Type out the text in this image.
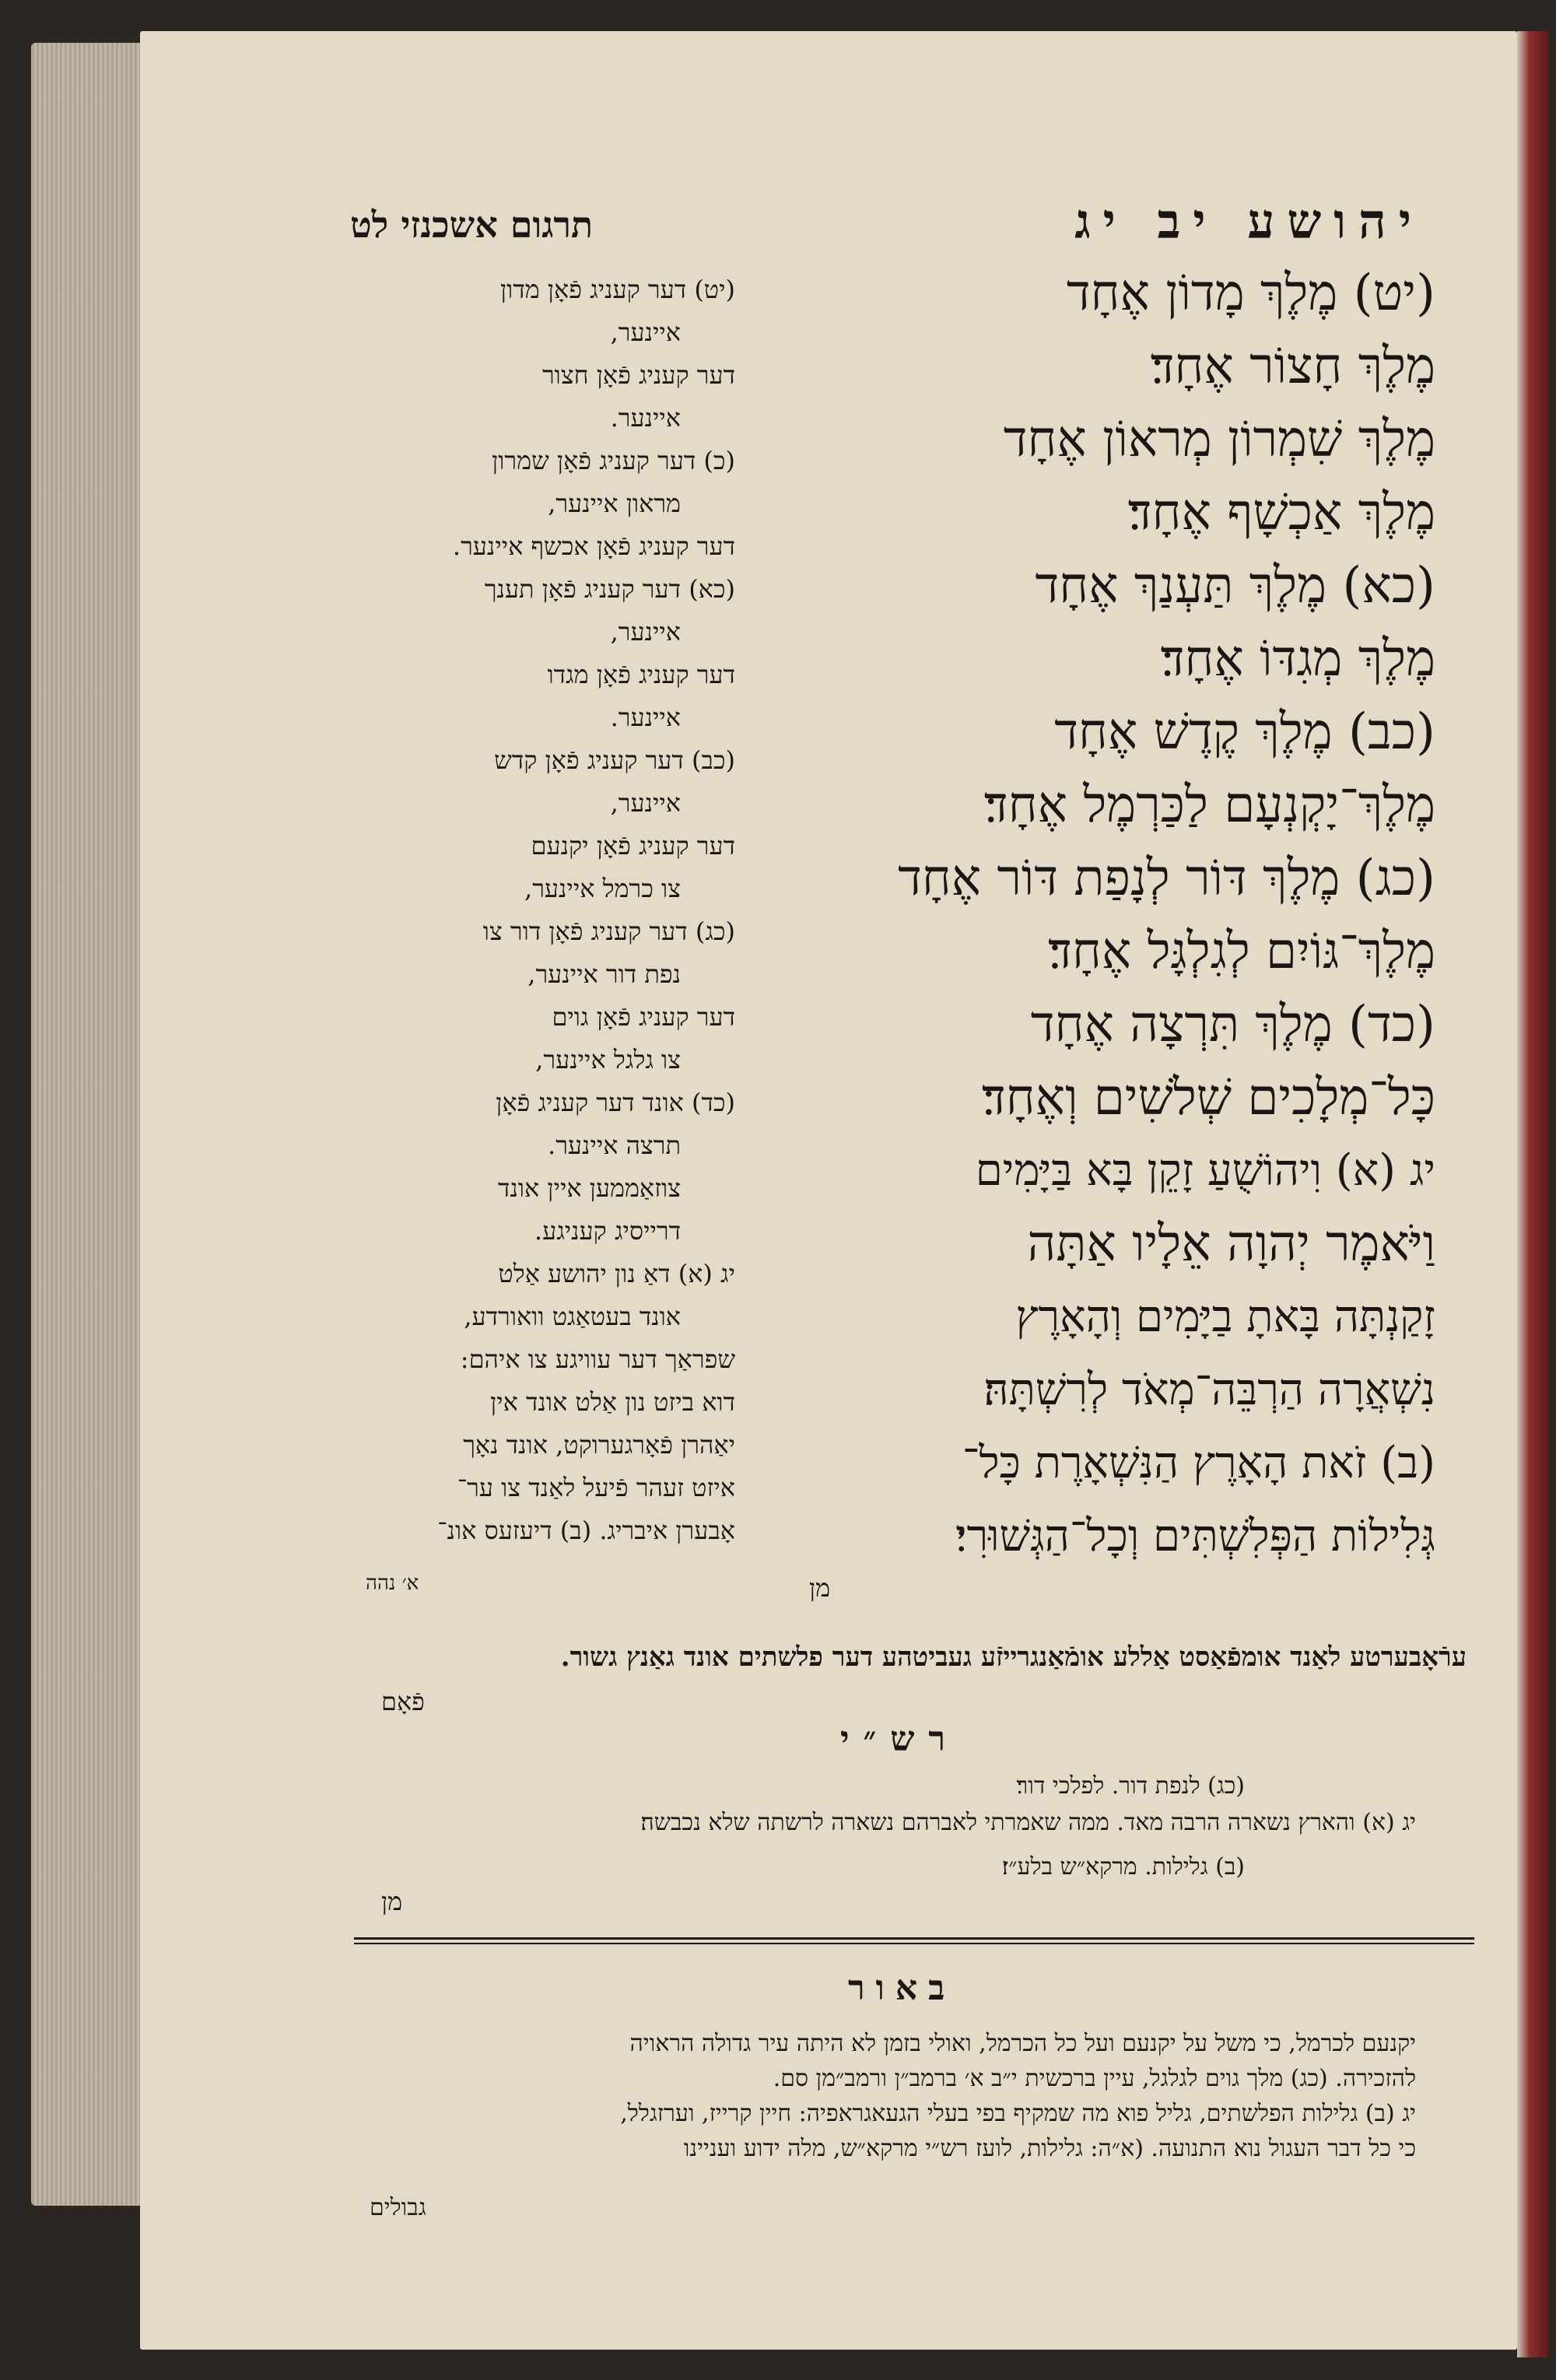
יהושע יב יג
תרגום אשכנזי לט
(יט) מֶלֶךְ מָדוֹן אֶחָד
מֶלֶךְ חָצוֹר אֶחָד׃
מֶלֶךְ שִׁמְרוֹן מְראוֹן אֶחָד
מֶלֶךְ אַכְשָׁף אֶחָד׃
(כא) מֶלֶךְ תַּעְנַךְ אֶחָד
מֶלֶךְ מְגִדּוֹ אֶחָד׃
(כב) מֶלֶךְ קֶדֶשׁ אֶחָד
מֶלֶךְ־יָקְנְעָם לַכַּרְמֶל אֶחָד׃
(כג) מֶלֶךְ דּוֹר לְנָפַת דּוֹר אֶחָד
מֶלֶךְ־גּוֹיִם לְגִלְגָּל אֶחָד׃
(כד) מֶלֶךְ תִּרְצָה אֶחָד
כָּל־מְלָכִים שְׁלֹשִׁים וְאֶחָד׃
יג (א) וִיהוֹשֻׁעַ זָקֵן בָּא בַּיָּמִים
וַיֹּאמֶר יְהוָה אֵלָיו אַתָּה
זָקַנְתָּה בָּאתָ בַיָּמִים וְהָאָרֶץ
נִשְׁאֲרָה הַרְבֵּה־מְאֹד לְרִשְׁתָּהּ׃
(ב) זֹאת הָאָרֶץ הַנִּשְׁאָרֶת כָּל־
גְּלִילוֹת הַפְּלִשְׁתִּים וְכָל־הַגְּשׁוּרִי׃
(יט) דער קעניג פֿאָן מדון
איינער,
דער קעניג פֿאָן חצור
איינער.
(כ) דער קעניג פֿאָן שמרון
מראון איינער,
דער קעניג פֿאָן אכשף איינער.
(כא) דער קעניג פֿאָן תענך
איינער,
דער קעניג פֿאָן מגדו
איינער.
(כב) דער קעניג פֿאָן קדש
איינער,
דער קעניג פֿאָן יקנעם
צו כרמל איינער,
(כג) דער קעניג פֿאָן דור צו
נפת דור איינער,
דער קעניג פֿאָן גוים
צו גלגל איינער,
(כד) אונד דער קעניג פֿאָן
תרצה איינער.
צוזאַממען איין אונד
דרייסיג קעניגע.
יג (א) דאַ נון יהושע אַלט
אונד בעטאַגט וואורדע,
שפראַך דער עוויגע צו איהם:
דוא ביזט נון אַלט אונד אין
יאַהרן פֿאָרגערוקט, אונד נאָך
איזט זעהר פֿיעל לאַנד צו ער־
אָבערן איבריג. (ב) דיעזעס אונ־
מן
א׳ נהה
ערֿאָבערטע לאַנד אומפֿאַסט אַללע אומֿאַנגרייזֿע געביטהע דער פלשתים אונד גאַנץ גשור.
פֿאָם
רש״י
(כג) לנפת דור. לפלכי דור׃
יג (א) והארץ נשארה הרבה מאד. ממה שאמרתי לאברהם נשארה לרשתה שלא נכבשה׃
(ב) גלילות. מרקא״ש בלע״ז׃
מן
באור
יקנעם לכרמל, כי משל על יקנעם ועל כל הכרמל, ואולי בזמן לא היתה עיר גדולה הראויה
להזכירה. (כג) מלך גוים לגלגל, עיין ברכשית י״ב א׳ ברמב״ן ורמב״מן סם.
יג (ב) גלילות הפלשתים, גליל פוא מה שמקיף בפי בעלי הגעאגראפיה: חיין קרייז, וערזגלל,
כי כל דבר העגול נוא התנועה. (א״ה: גלילות, לועז רש״י מרקא״ש, מלה ידוע ועניינו
גבולים
